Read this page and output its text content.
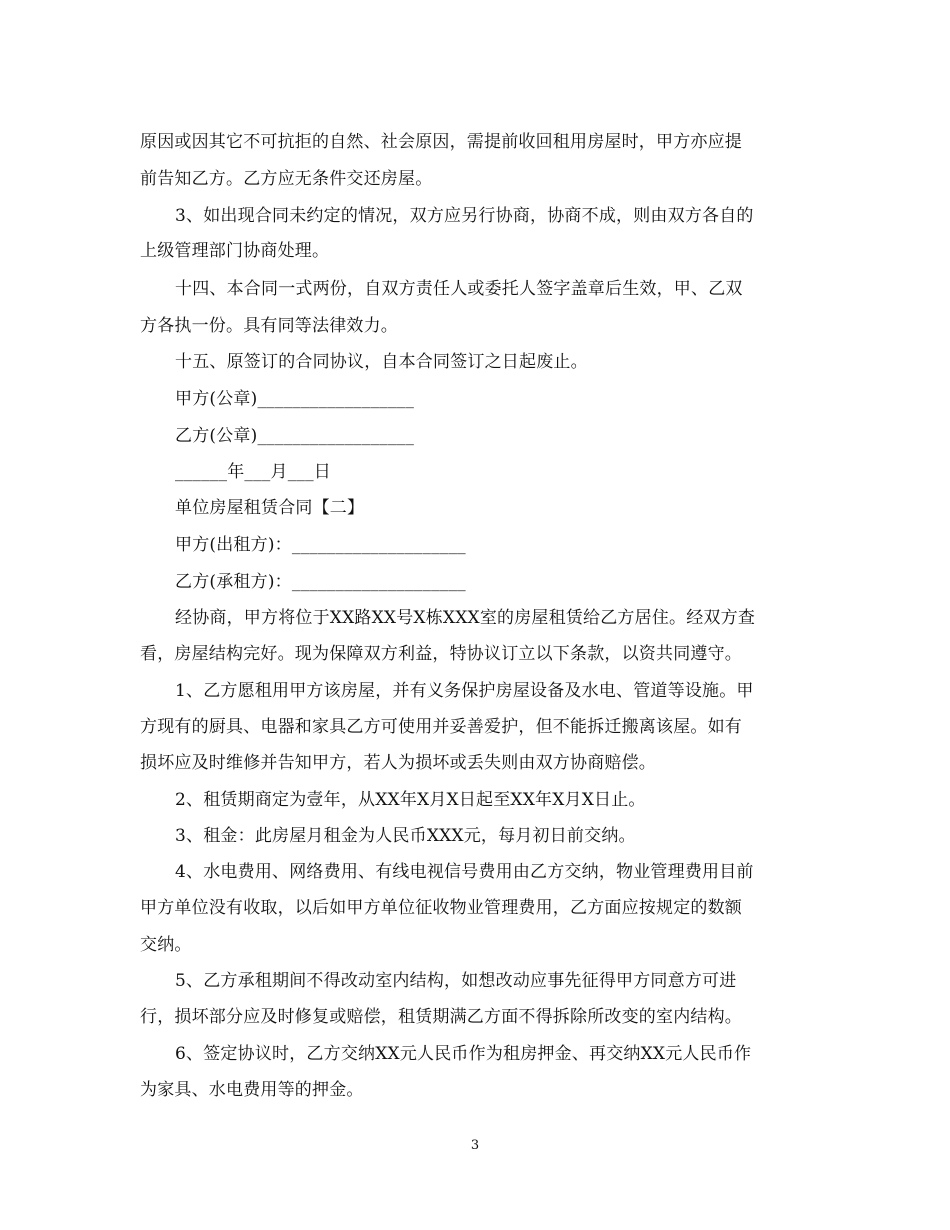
原因或因其它不可抗拒的自然、社会原因，需提前收回租用房屋时，甲方亦应提
前告知乙方。乙方应无条件交还房屋。
3、如出现合同未约定的情况，双方应另行协商，协商不成，则由双方各自的
上级管理部门协商处理。
十四、本合同一式两份，自双方责任人或委托人签字盖章后生效，甲、乙双
方各执一份。具有同等法律效力。
十五、原签订的合同协议，自本合同签订之日起废止。
甲方(公章)__________________
乙方(公章)__________________
______年___月___日
单位房屋租赁合同【二】
甲方(出租方)：____________________
乙方(承租方)：____________________
经协商，甲方将位于XX路XX号X栋XXX室的房屋租赁给乙方居住。经双方查
看，房屋结构完好。现为保障双方利益，特协议订立以下条款，以资共同遵守。
1、乙方愿租用甲方该房屋，并有义务保护房屋设备及水电、管道等设施。甲
方现有的厨具、电器和家具乙方可使用并妥善爱护，但不能拆迁搬离该屋。如有
损坏应及时维修并告知甲方，若人为损坏或丢失则由双方协商赔偿。
2、租赁期商定为壹年，从XX年X月X日起至XX年X月X日止。
3、租金：此房屋月租金为人民币XXX元，每月初日前交纳。
4、水电费用、网络费用、有线电视信号费用由乙方交纳，物业管理费用目前
甲方单位没有收取，以后如甲方单位征收物业管理费用，乙方面应按规定的数额
交纳。
5、乙方承租期间不得改动室内结构，如想改动应事先征得甲方同意方可进
行，损坏部分应及时修复或赔偿，租赁期满乙方面不得拆除所改变的室内结构。
6、签定协议时，乙方交纳XX元人民币作为租房押金、再交纳XX元人民币作
为家具、水电费用等的押金。
3
